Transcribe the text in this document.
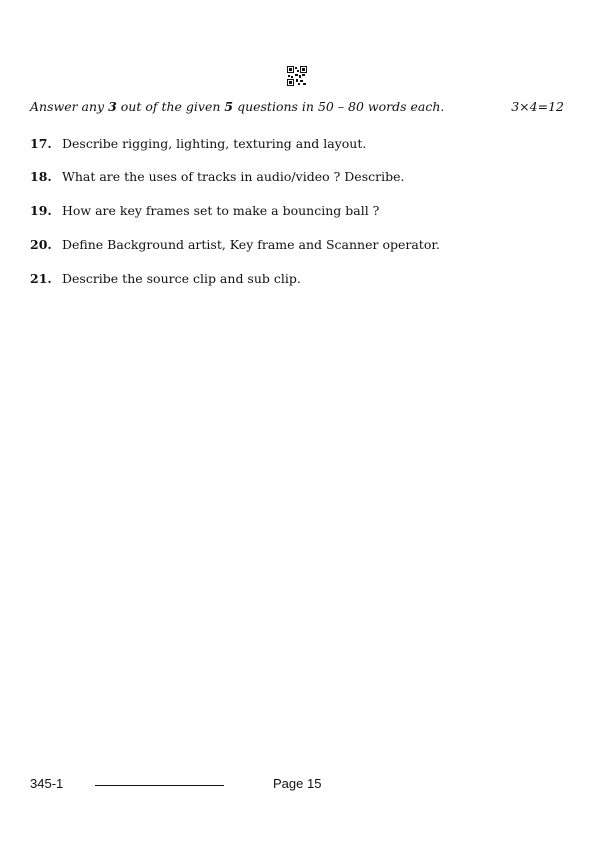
Answer any 3 out of the given 5 questions in 50 – 80 words each.	3×4=12
17. Describe rigging, lighting, texturing and layout.
18. What are the uses of tracks in audio/video ? Describe.
19. How are key frames set to make a bouncing ball ?
20. Define Background artist, Key frame and Scanner operator.
21. Describe the source clip and sub clip.
345-1	Page 15
